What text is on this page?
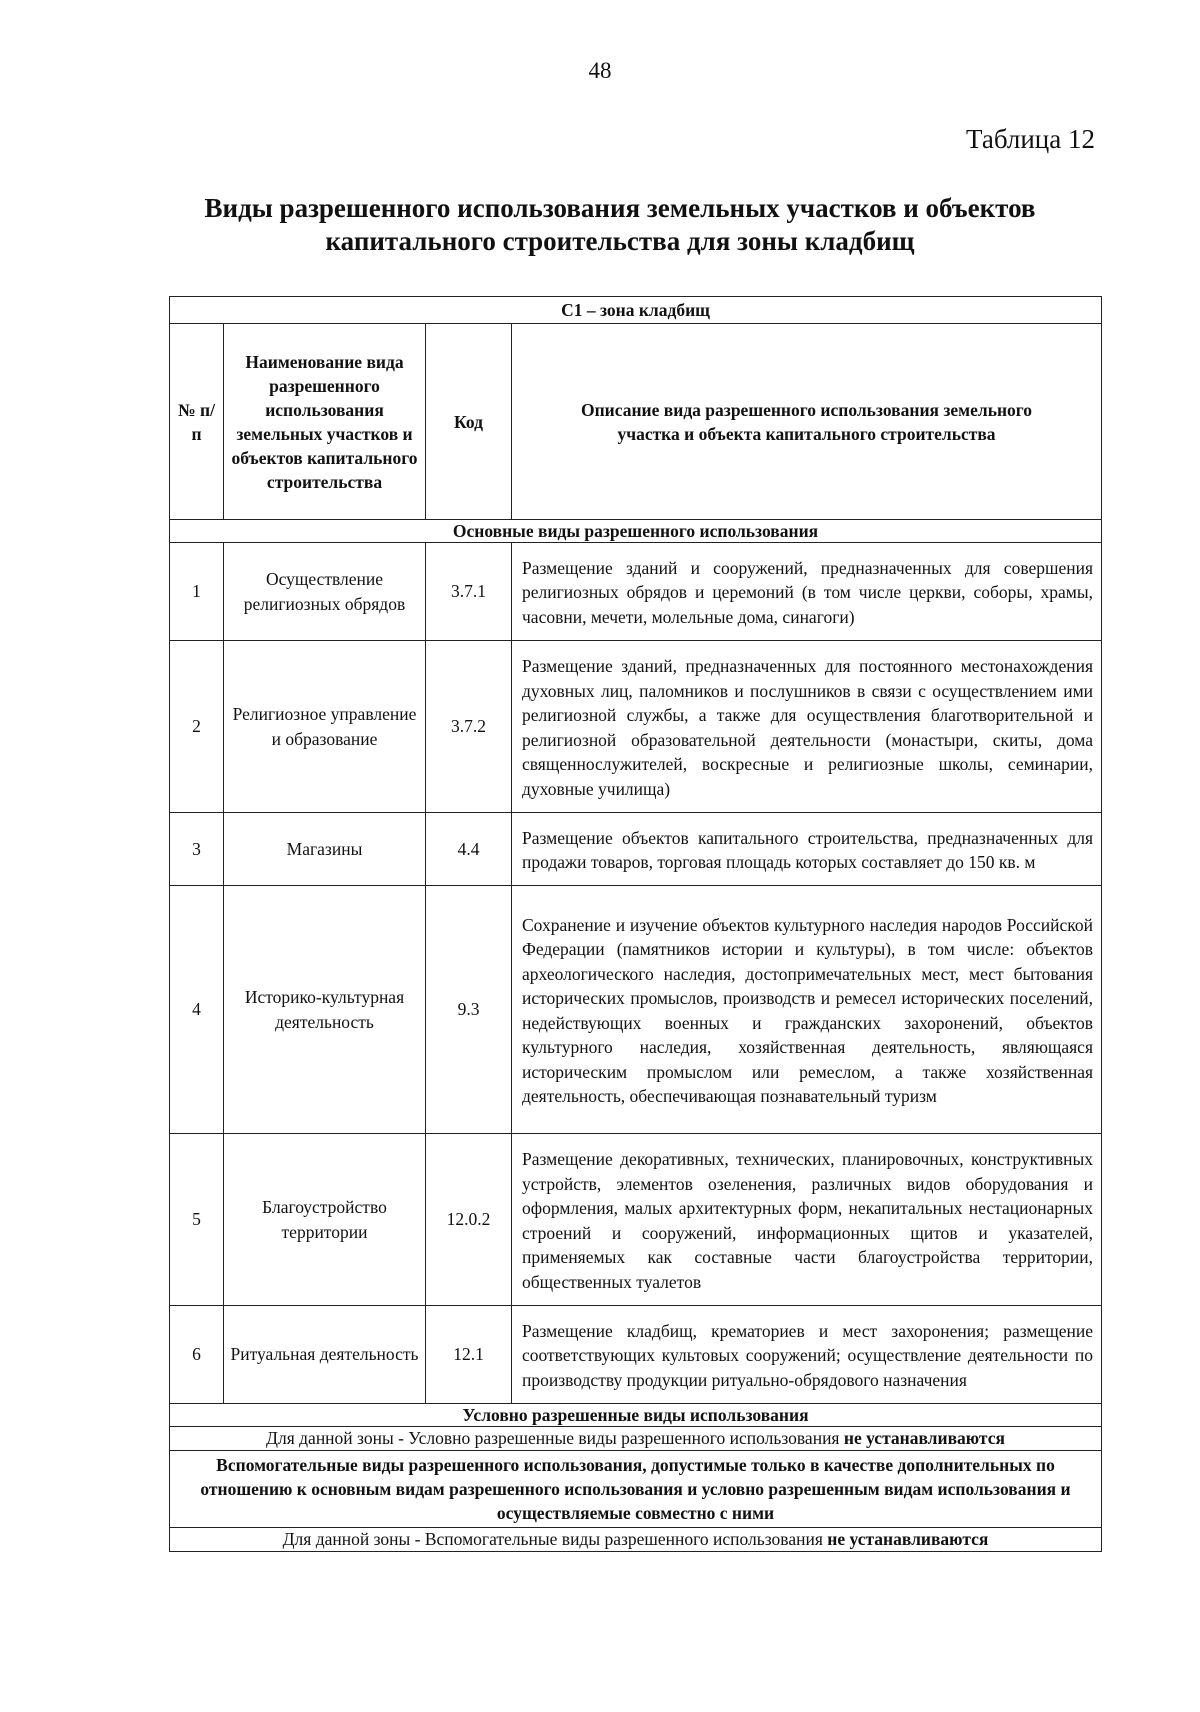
48
Таблица 12
Виды разрешенного использования земельных участков и объектов
капитального строительства для зоны кладбищ
С1 – зона кладбищ			
№ п/п	Наименование вида разрешенного использования земельных участков и объектов капитального строительства	Код	Описание вида разрешенного использования земельного участка и объекта капитального строительства
Основные виды разрешенного использования			
1	Осуществление религиозных обрядов	3.7.1	Размещение зданий и сооружений, предназначенных для совершения религиозных обрядов и церемоний (в том числе церкви, соборы, храмы, часовни, мечети, молельные дома, синагоги)
2	Религиозное управление и образование	3.7.2	Размещение зданий, предназначенных для постоянного местонахождения духовных лиц, паломников и послушников в связи с осуществлением ими религиозной службы, а также для осуществления благотворительной и религиозной образовательной деятельности (монастыри, скиты, дома священнослужителей, воскресные и религиозные школы, семинарии, духовные училища)
3	Магазины	4.4	Размещение объектов капитального строительства, предназначенных для продажи товаров, торговая площадь которых составляет до 150 кв. м
4	Историко-культурная деятельность	9.3	Сохранение и изучение объектов культурного наследия народов Российской Федерации (памятников истории и культуры), в том числе: объектов археологического наследия, достопримечательных мест, мест бытования исторических промыслов, производств и ремесел исторических поселений, недействующих военных и гражданских захоронений, объектов культурного наследия, хозяйственная деятельность, являющаяся историческим промыслом или ремеслом, а также хозяйственная деятельность, обеспечивающая познавательный туризм
5	Благоустройство территории	12.0.2	Размещение декоративных, технических, планировочных, конструктивных устройств, элементов озеленения, различных видов оборудования и оформления, малых архитектурных форм, некапитальных нестационарных строений и сооружений, информационных щитов и указателей, применяемых как составные части благоустройства территории, общественных туалетов
6	Ритуальная деятельность	12.1	Размещение кладбищ, крематориев и мест захоронения; размещение соответствующих культовых сооружений; осуществление деятельности по производству продукции ритуально-обрядового назначения
Условно разрешенные виды использования			
Для данной зоны - Условно разрешенные виды разрешенного использования не устанавливаются			
Вспомогательные виды разрешенного использования, допустимые только в качестве дополнительных по отношению к основным видам разрешенного использования и условно разрешенным видам использования и осуществляемые совместно с ними			
Для данной зоны - Вспомогательные виды разрешенного использования не устанавливаются			
